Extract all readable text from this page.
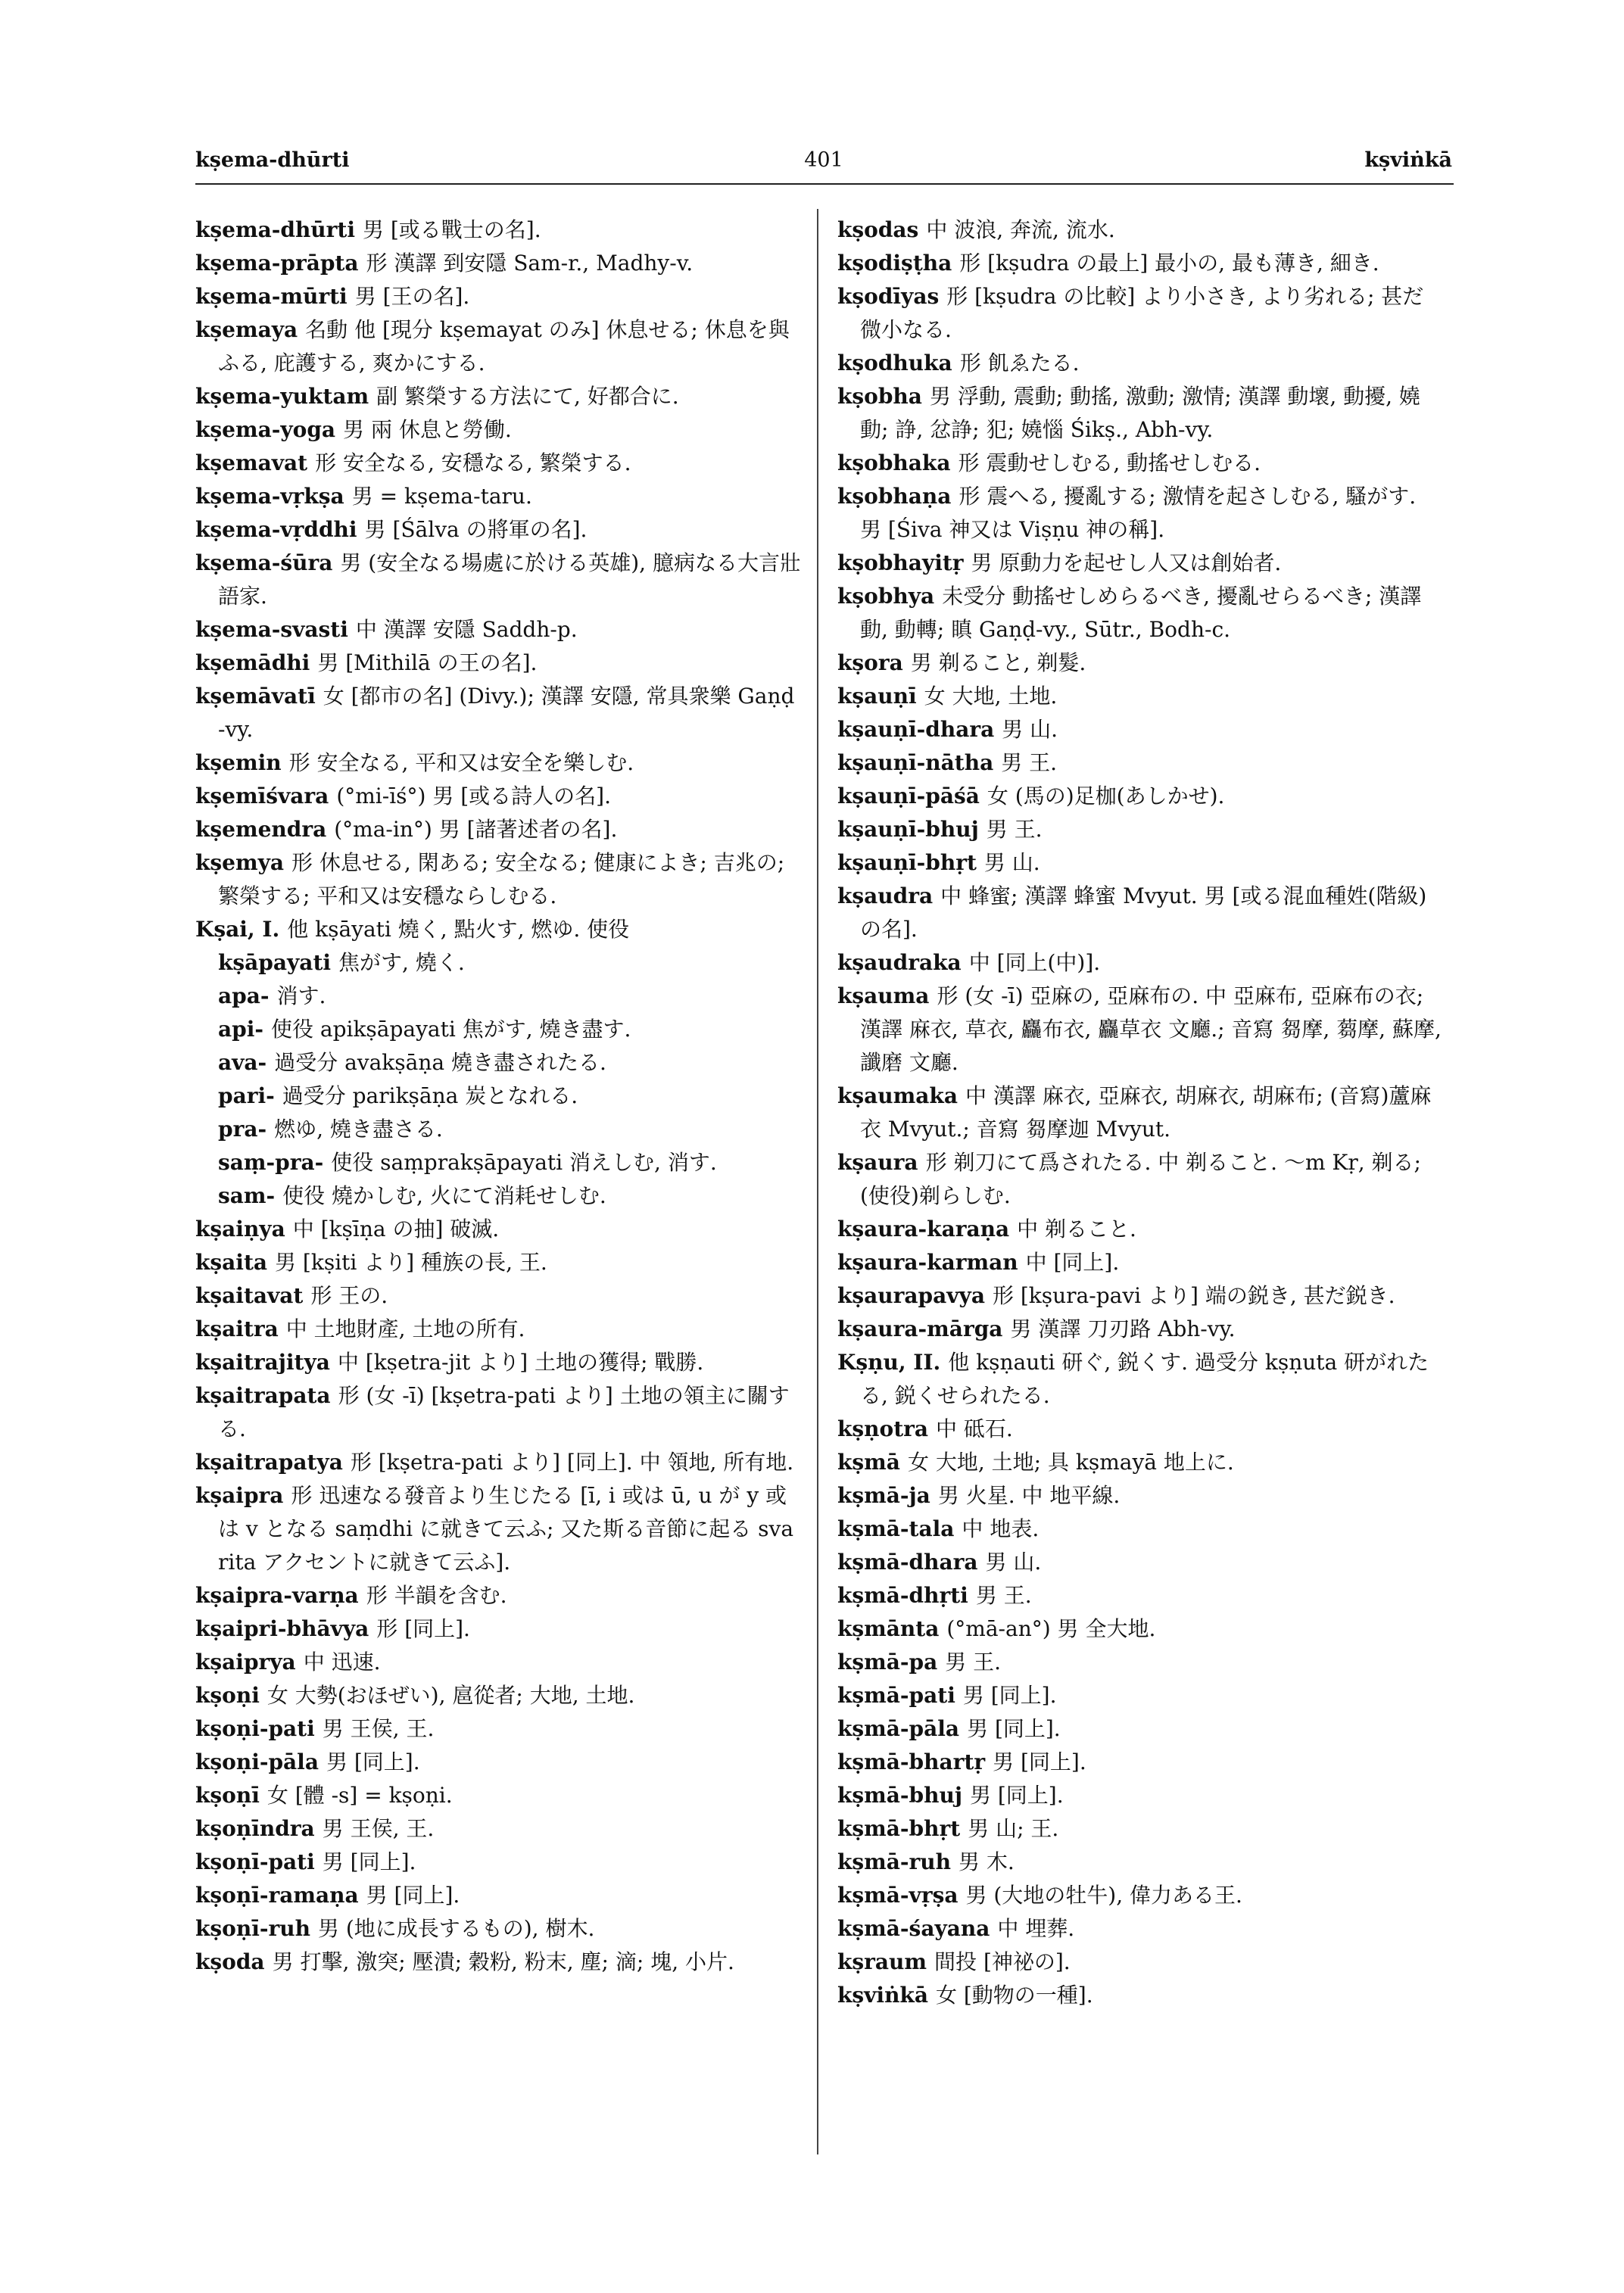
kṣema-dhūrti	401	kṣviṅkā

kṣema-dhūrti 男 [或る戰士の名].

kṣema-prāpta 形 漢譯 到安隱 Sam-r., Madhy-v.

kṣema-mūrti 男 [王の名].

kṣemaya 名動 他 [現分 kṣemayat のみ] 休息せる; 休息を與ふる, 庇護する, 爽かにする.

kṣema-yuktam 副 繁榮する方法にて, 好都合に.

kṣema-yoga 男 兩 休息と勞働.

kṣemavat 形 安全なる, 安穩なる, 繁榮する.

kṣema-vṛkṣa 男 = kṣema-taru.

kṣema-vṛddhi 男 [Śālva の將軍の名].

kṣema-śūra 男 (安全なる場處に於ける英雄), 臆病なる大言壯語家.

kṣema-svasti 中 漢譯 安隱 Saddh-p.

kṣemādhi 男 [Mithilā の王の名].

kṣemāvatī 女 [都市の名] (Divy.); 漢譯 安隱, 常具衆樂 Gaṇḍ-vy.

kṣemin 形 安全なる, 平和又は安全を樂しむ.

kṣemīśvara (°mi-īś°) 男 [或る詩人の名].

kṣemendra (°ma-in°) 男 [諸著述者の名].

kṣemya 形 休息せる, 閑ある; 安全なる; 健康によき; 吉兆の; 繁榮する; 平和又は安穩ならしむる.

Kṣai, I. 他 kṣāyati 燒く, 點火す, 燃ゆ. 使役

kṣāpayati 焦がす, 燒く.

apa- 消す.

api- 使役 apikṣāpayati 焦がす, 燒き盡す.

ava- 過受分 avakṣāṇa 燒き盡されたる.

pari- 過受分 parikṣāṇa 炭となれる.

pra- 燃ゆ, 燒き盡さる.

saṃ-pra- 使役 saṃprakṣāpayati 消えしむ, 消す.

sam- 使役 燒かしむ, 火にて消耗せしむ.

kṣaiṇya 中 [kṣīṇa の抽] 破滅.

kṣaita 男 [kṣiti より] 種族の長, 王.

kṣaitavat 形 王の.

kṣaitra 中 土地財產, 土地の所有.

kṣaitrajitya 中 [kṣetra-jit より] 土地の獲得; 戰勝.

kṣaitrapata 形 (女 -ī) [kṣetra-pati より] 土地の領主に關する.

kṣaitrapatya 形 [kṣetra-pati より] [同上]. 中 領地, 所有地.

kṣaipra 形 迅速なる發音より生じたる [ī, i 或は ū, u が y 或は v となる saṃdhi に就きて云ふ; 又た斯る音節に起る svarita アクセントに就きて云ふ].

kṣaipra-varṇa 形 半韻を含む.

kṣaipri-bhāvya 形 [同上].

kṣaiprya 中 迅速.

kṣoṇi 女 大勢(おほぜい), 扈從者; 大地, 土地.

kṣoṇi-pati 男 王侯, 王.

kṣoṇi-pāla 男 [同上].

kṣoṇī 女 [體 -s] = kṣoṇi.

kṣoṇīndra 男 王侯, 王.

kṣoṇī-pati 男 [同上].

kṣoṇī-ramaṇa 男 [同上].

kṣoṇī-ruh 男 (地に成長するもの), 樹木.

kṣoda 男 打擊, 激突; 壓潰; 穀粉, 粉末, 塵; 滴; 塊, 小片.

kṣodas 中 波浪, 奔流, 流水.

kṣodiṣṭha 形 [kṣudra の最上] 最小の, 最も薄き, 細き.

kṣodīyas 形 [kṣudra の比較] より小さき, より劣れる; 甚だ微小なる.

kṣodhuka 形 飢ゑたる.

kṣobha 男 浮動, 震動; 動搖, 激動; 激情; 漢譯 動壞, 動擾, 嬈動; 諍, 忿諍; 犯; 嬈惱 Śikṣ., Abh-vy.

kṣobhaka 形 震動せしむる, 動搖せしむる.

kṣobhaṇa 形 震へる, 擾亂する; 激情を起さしむる, 騷がす. 男 [Śiva 神又は Viṣṇu 神の稱].

kṣobhayitṛ 男 原動力を起せし人又は創始者.

kṣobhya 未受分 動搖せしめらるべき, 擾亂せらるべき; 漢譯 動, 動轉; 瞋 Gaṇḍ-vy., Sūtr., Bodh-c.

kṣora 男 剃ること, 剃髮.

kṣauṇī 女 大地, 土地.

kṣauṇī-dhara 男 山.

kṣauṇī-nātha 男 王.

kṣauṇī-pāśā 女 (馬の)足枷(あしかせ).

kṣauṇī-bhuj 男 王.

kṣauṇī-bhṛt 男 山.

kṣaudra 中 蜂蜜; 漢譯 蜂蜜 Mvyut. 男 [或る混血種姓(階級)の名].

kṣaudraka 中 [同上(中)].

kṣauma 形 (女 -ī) 亞麻の, 亞麻布の. 中 亞麻布, 亞麻布の衣; 漢譯 麻衣, 草衣, 麤布衣, 麤草衣 文廳.; 音寫 芻摩, 蒭摩, 蘇摩, 讖磨 文廳.

kṣaumaka 中 漢譯 麻衣, 亞麻衣, 胡麻衣, 胡麻布; (音寫)蘆麻衣 Mvyut.; 音寫 芻摩迦 Mvyut.

kṣaura 形 剃刀にて爲されたる. 中 剃ること. 〜m Kṛ, 剃る; (使役)剃らしむ.

kṣaura-karaṇa 中 剃ること.

kṣaura-karman 中 [同上].

kṣaurapavya 形 [kṣura-pavi より] 端の鋭き, 甚だ鋭き.

kṣaura-mārga 男 漢譯 刀刃路 Abh-vy.

Kṣṇu, II. 他 kṣṇauti 研ぐ, 鋭くす. 過受分 kṣṇuta 研がれたる, 鋭くせられたる.

kṣṇotra 中 砥石.

kṣmā 女 大地, 土地; 具 kṣmayā 地上に.

kṣmā-ja 男 火星. 中 地平線.

kṣmā-tala 中 地表.

kṣmā-dhara 男 山.

kṣmā-dhṛti 男 王.

kṣmānta (°mā-an°) 男 全大地.

kṣmā-pa 男 王.

kṣmā-pati 男 [同上].

kṣmā-pāla 男 [同上].

kṣmā-bhartṛ 男 [同上].

kṣmā-bhuj 男 [同上].

kṣmā-bhṛt 男 山; 王.

kṣmā-ruh 男 木.

kṣmā-vṛṣa 男 (大地の牡牛), 偉力ある王.

kṣmā-śayana 中 埋葬.

kṣraum 間投 [神祕の].

kṣviṅkā 女 [動物の一種].
